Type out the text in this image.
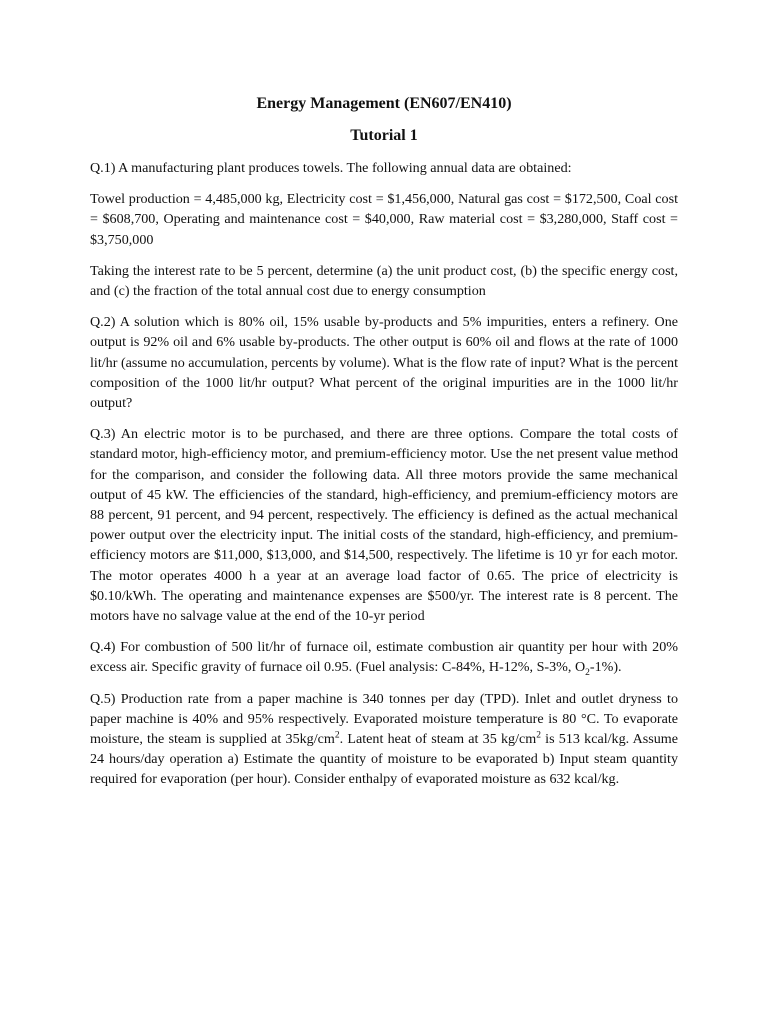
Energy Management (EN607/EN410)

Tutorial 1

Q.1) A manufacturing plant produces towels. The following annual data are obtained:

Towel production = 4,485,000 kg, Electricity cost = $1,456,000, Natural gas cost = $172,500, Coal cost = $608,700, Operating and maintenance cost = $40,000, Raw material cost = $3,280,000, Staff cost = $3,750,000

Taking the interest rate to be 5 percent, determine (a) the unit product cost, (b) the specific energy cost, and (c) the fraction of the total annual cost due to energy consumption

Q.2) A solution which is 80% oil, 15% usable by-products and 5% impurities, enters a refinery. One output is 92% oil and 6% usable by-products. The other output is 60% oil and flows at the rate of 1000 lit/hr (assume no accumulation, percents by volume). What is the flow rate of input? What is the percent composition of the 1000 lit/hr output? What percent of the original impurities are in the 1000 lit/hr output?

Q.3) An electric motor is to be purchased, and there are three options. Compare the total costs of standard motor, high-efficiency motor, and premium-efficiency motor. Use the net present value method for the comparison, and consider the following data. All three motors provide the same mechanical output of 45 kW. The efficiencies of the standard, high-efficiency, and premium-efficiency motors are 88 percent, 91 percent, and 94 percent, respectively. The efficiency is defined as the actual mechanical power output over the electricity input. The initial costs of the standard, high-efficiency, and premium-efficiency motors are $11,000, $13,000, and $14,500, respectively. The lifetime is 10 yr for each motor. The motor operates 4000 h a year at an average load factor of 0.65. The price of electricity is $0.10/kWh. The operating and maintenance expenses are $500/yr. The interest rate is 8 percent. The motors have no salvage value at the end of the 10-yr period

Q.4) For combustion of 500 lit/hr of furnace oil, estimate combustion air quantity per hour with 20% excess air. Specific gravity of furnace oil 0.95. (Fuel analysis: C-84%, H-12%, S-3%, $O_2-1\%$).

Q.5) Production rate from a paper machine is 340 tonnes per day (TPD). Inlet and outlet dryness to paper machine is 40% and 95% respectively. Evaporated moisture temperature is 80 °C. To evaporate moisture, the steam is supplied at $35kg/cm^2$. Latent heat of steam at 35 $kg/cm^2$ is 513 kcal/kg. Assume 24 hours/day operation a) Estimate the quantity of moisture to be evaporated b) Input steam quantity required for evaporation (per hour). Consider enthalpy of evaporated moisture as 632 kcal/kg.
